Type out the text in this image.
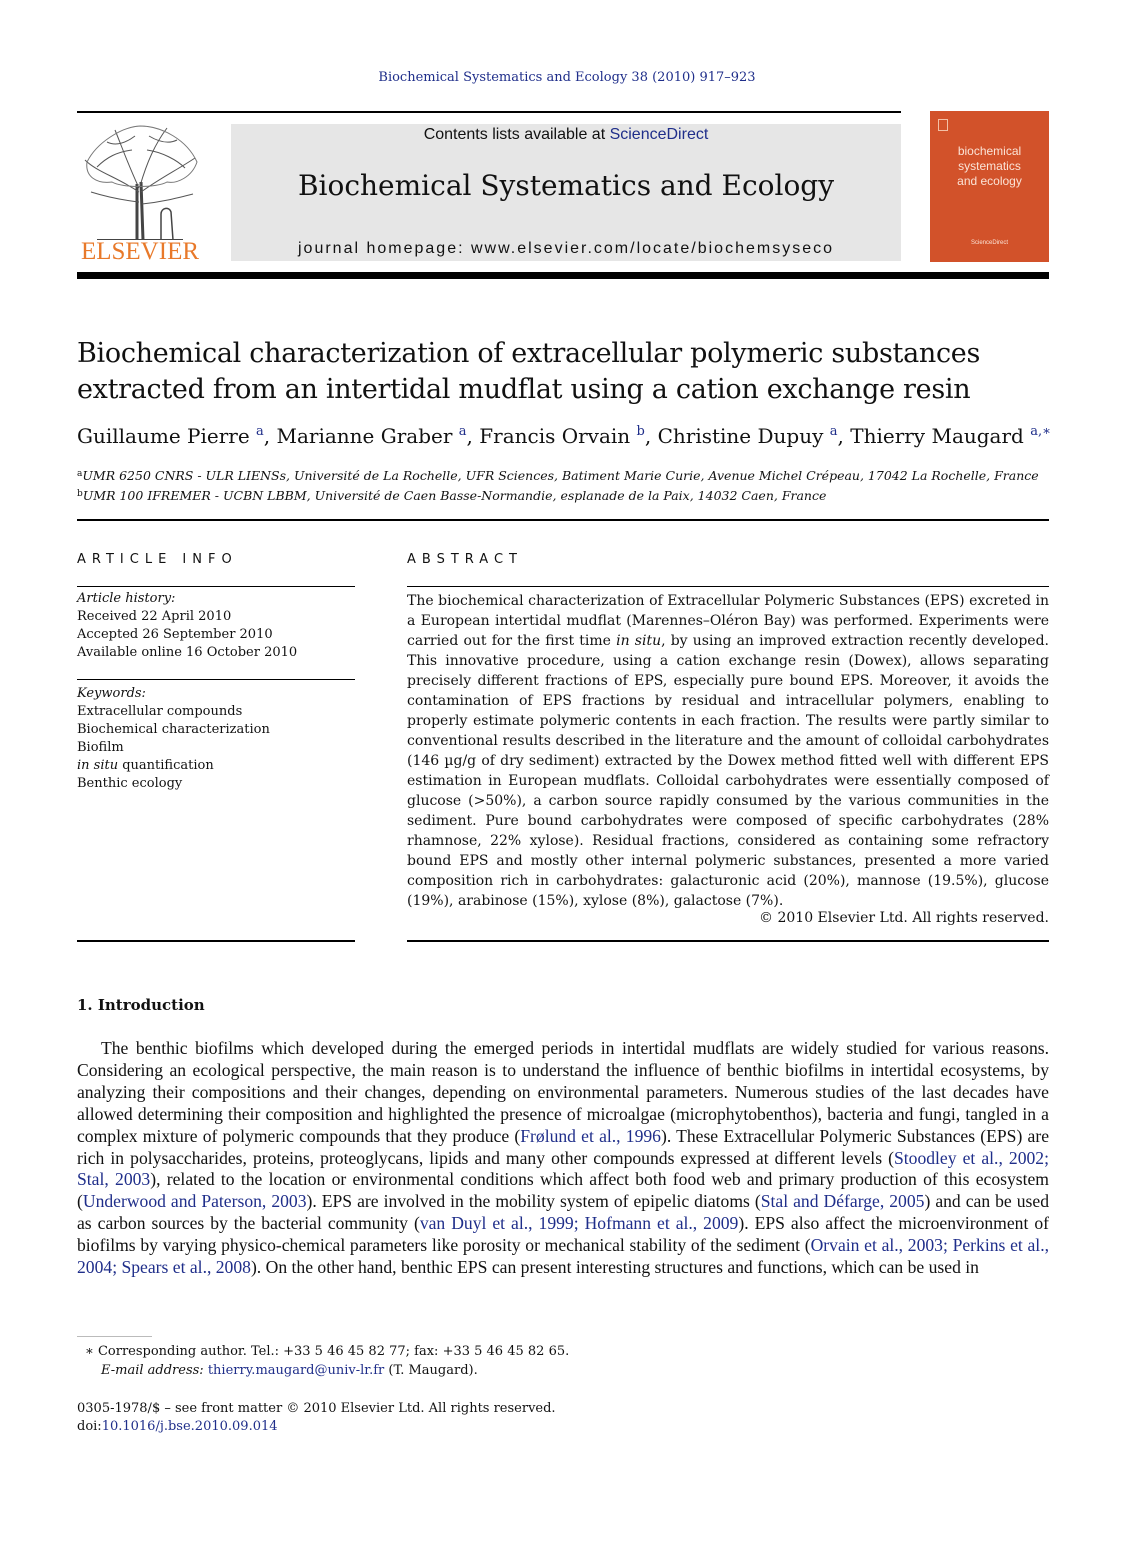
Biochemical Systematics and Ecology 38 (2010) 917–923
ELSEVIER
Contents lists available at ScienceDirect
Biochemical Systematics and Ecology
journal homepage: www.elsevier.com/locate/biochemsyseco
biochemical
systematics
and ecology
ScienceDirect
Biochemical characterization of extracellular polymeric substances
extracted from an intertidal mudflat using a cation exchange resin
Guillaume Pierre $^a$, Marianne Graber $^a$, Francis Orvain $^b$, Christine Dupuy $^a$, Thierry Maugard $^{a,∗}$
$^a$UMR 6250 CNRS - ULR LIENSs, Université de La Rochelle, UFR Sciences, Batiment Marie Curie, Avenue Michel Crépeau, 17042 La Rochelle, France
$^b$UMR 100 IFREMER - UCBN LBBM, Université de Caen Basse-Normandie, esplanade de la Paix, 14032 Caen, France
ARTICLE INFO
Article history:
Received 22 April 2010
Accepted 26 September 2010
Available online 16 October 2010
Keywords:
Extracellular compounds
Biochemical characterization
Biofilm
in situ quantification
Benthic ecology
ABSTRACT
The biochemical characterization of Extracellular Polymeric Substances (EPS) excreted in a European intertidal mudflat (Marennes–Oléron Bay) was performed. Experiments were carried out for the first time in situ, by using an improved extraction recently developed. This innovative procedure, using a cation exchange resin (Dowex), allows separating precisely different fractions of EPS, especially pure bound EPS. Moreover, it avoids the contamination of EPS fractions by residual and intracellular polymers, enabling to properly estimate polymeric contents in each fraction. The results were partly similar to conventional results described in the literature and the amount of colloidal carbohydrates (146 µg/g of dry sediment) extracted by the Dowex method fitted well with different EPS estimation in European mudflats. Colloidal carbohydrates were essentially composed of glucose (>50%), a carbon source rapidly consumed by the various communities in the sediment. Pure bound carbohydrates were composed of specific carbohydrates (28% rhamnose, 22% xylose). Residual fractions, considered as containing some refractory bound EPS and mostly other internal polymeric substances, presented a more varied composition rich in carbohydrates: galacturonic acid (20%), mannose (19.5%), glucose (19%), arabinose (15%), xylose (8%), galactose (7%).
© 2010 Elsevier Ltd. All rights reserved.
1. Introduction
The benthic biofilms which developed during the emerged periods in intertidal mudflats are widely studied for various reasons. Considering an ecological perspective, the main reason is to understand the influence of benthic biofilms in intertidal ecosystems, by analyzing their compositions and their changes, depending on environmental parameters. Numerous studies of the last decades have allowed determining their composition and highlighted the presence of microalgae (microphytobenthos), bacteria and fungi, tangled in a complex mixture of polymeric compounds that they produce (Frølund et al., 1996). These Extracellular Polymeric Substances (EPS) are rich in polysaccharides, proteins, proteoglycans, lipids and many other compounds expressed at different levels (Stoodley et al., 2002; Stal, 2003), related to the location or environmental conditions which affect both food web and primary production of this ecosystem (Underwood and Paterson, 2003). EPS are involved in the mobility system of epipelic diatoms (Stal and Défarge, 2005) and can be used as carbon sources by the bacterial community (van Duyl et al., 1999; Hofmann et al., 2009). EPS also affect the microenvironment of biofilms by varying physico-chemical parameters like porosity or mechanical stability of the sediment (Orvain et al., 2003; Perkins et al., 2004; Spears et al., 2008). On the other hand, benthic EPS can present interesting structures and functions, which can be used in
∗ Corresponding author. Tel.: +33 5 46 45 82 77; fax: +33 5 46 45 82 65.
E-mail address: thierry.maugard@univ-lr.fr (T. Maugard).
0305-1978/$ – see front matter © 2010 Elsevier Ltd. All rights reserved.
doi:10.1016/j.bse.2010.09.014
